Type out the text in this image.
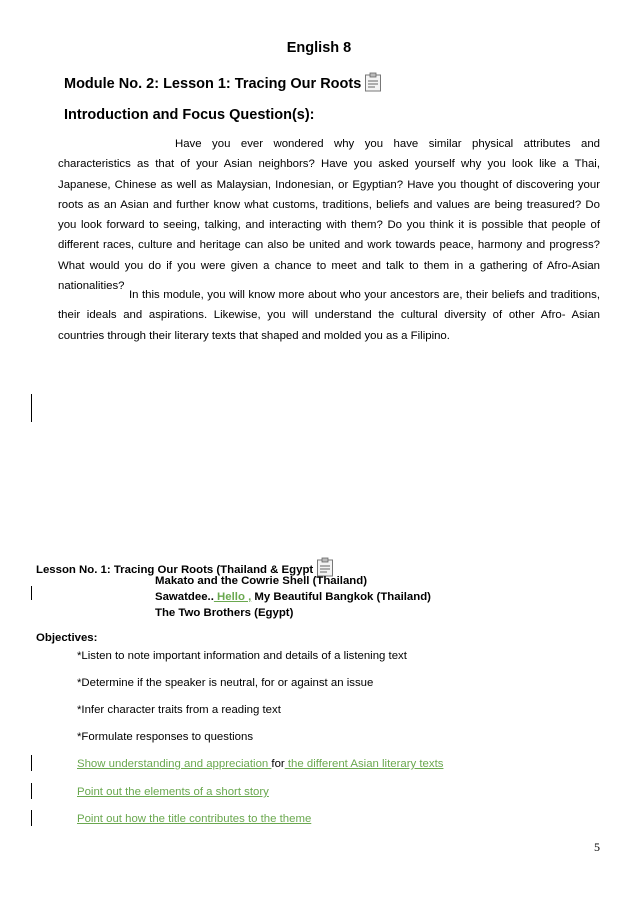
English 8
Module No. 2: Lesson 1: Tracing Our Roots
Introduction and Focus Question(s):
Have you ever wondered why you have similar physical attributes and characteristics as that of your Asian neighbors? Have you asked yourself why you look like a Thai, Japanese, Chinese as well as Malaysian, Indonesian, or Egyptian? Have you thought of discovering your roots as an Asian and further know what customs, traditions, beliefs and values are being treasured? Do you look forward to seeing, talking, and interacting with them? Do you think it is possible that people of different races, culture and heritage can also be united and work towards peace, harmony and progress? What would you do if you were given a chance to meet and talk to them in a gathering of Afro-Asian nationalities?
In this module, you will know more about who your ancestors are, their beliefs and traditions, their ideals and aspirations. Likewise, you will understand the cultural diversity of other Afro- Asian countries through their literary texts that shaped and molded you as a Filipino.
Lesson No. 1: Tracing Our Roots (Thailand & Egypt
Makato and the Cowrie Shell (Thailand)
Sawatdee.. Hello , My Beautiful Bangkok (Thailand)
The Two Brothers (Egypt)
Objectives:
*Listen to note important information and details of a listening text
*Determine if the speaker is neutral, for or against an issue
*Infer character traits from a reading text
*Formulate responses to questions
Show understanding and appreciation for the different Asian literary texts
Point out the elements of a short story
Point out how the title contributes to the theme
5
